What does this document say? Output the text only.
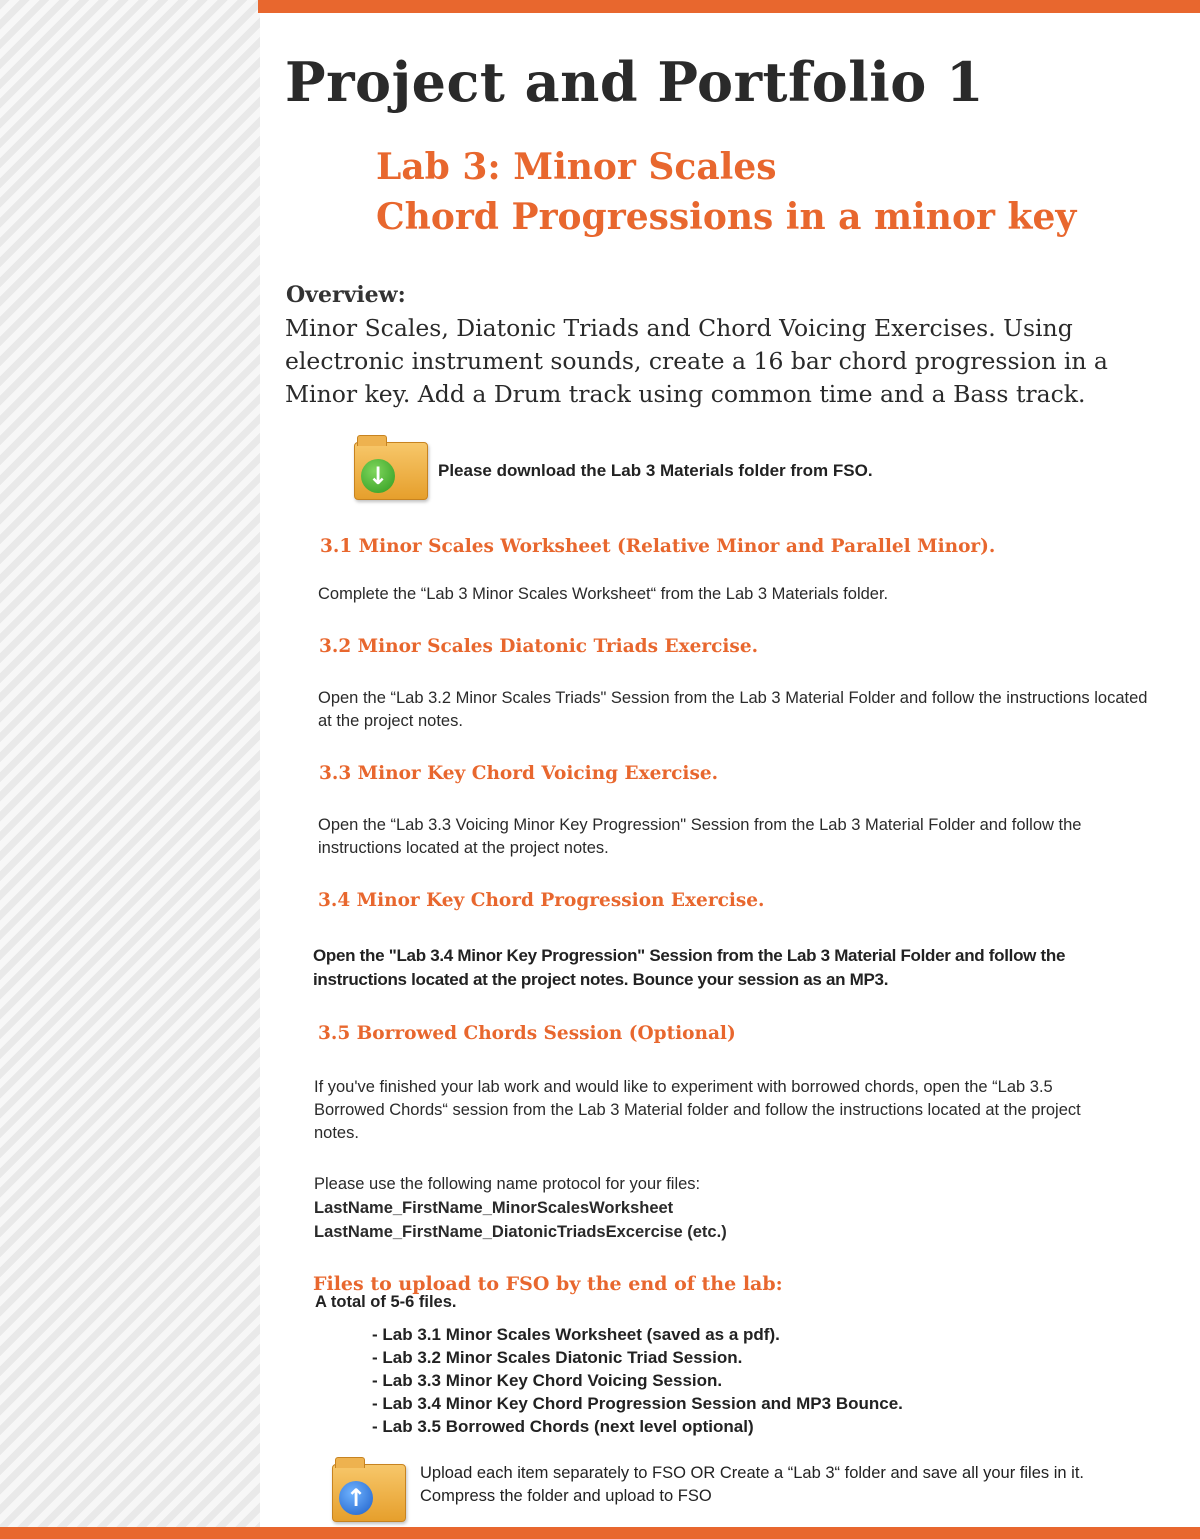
Project and Portfolio 1
Lab 3: Minor Scales
Chord Progressions in a minor key
Overview:

Minor Scales, Diatonic Triads and Chord Voicing Exercises. Using electronic instrument sounds, create a 16 bar chord progression in a Minor key. Add a Drum track using common time and a Bass track.

↓	Please download the Lab 3 Materials folder from FSO.
3.1 Minor Scales Worksheet (Relative Minor and Parallel Minor).

Complete the “Lab 3 Minor Scales Worksheet“ from the Lab 3 Materials folder.

3.2 Minor Scales Diatonic Triads Exercise.

Open the “Lab 3.2 Minor Scales Triads" Session from the Lab 3 Material Folder and follow the instructions located at the project notes.

3.3 Minor Key Chord Voicing Exercise.

Open the “Lab 3.3 Voicing Minor Key Progression" Session from the Lab 3 Material Folder and follow the instructions located at the project notes.

3.4 Minor Key Chord Progression Exercise.

Open the "Lab 3.4 Minor Key Progression" Session from the Lab 3 Material Folder and follow the instructions located at the project notes. Bounce your session as an MP3.

3.5 Borrowed Chords Session (Optional)

If you've finished your lab work and would like to experiment with borrowed chords, open the “Lab 3.5 Borrowed Chords“ session from the Lab 3 Material folder and follow the instructions located at the project notes.

Please use the following name protocol for your files:
LastName_FirstName_MinorScalesWorksheet
LastName_FirstName_DiatonicTriadsExcercise (etc.)
Files to upload to FSO by the end of the lab:
A total of 5-6 files.
- Lab 3.1 Minor Scales Worksheet (saved as a pdf).
- Lab 3.2 Minor Scales Diatonic Triad Session.
- Lab 3.3 Minor Key Chord Voicing Session.
- Lab 3.4 Minor Key Chord Progression Session and MP3 Bounce.
- Lab 3.5 Borrowed Chords (next level optional)
↑

Upload each item separately to FSO OR Create a “Lab 3“ folder and save all your files in it. Compress the folder and upload to FSO
